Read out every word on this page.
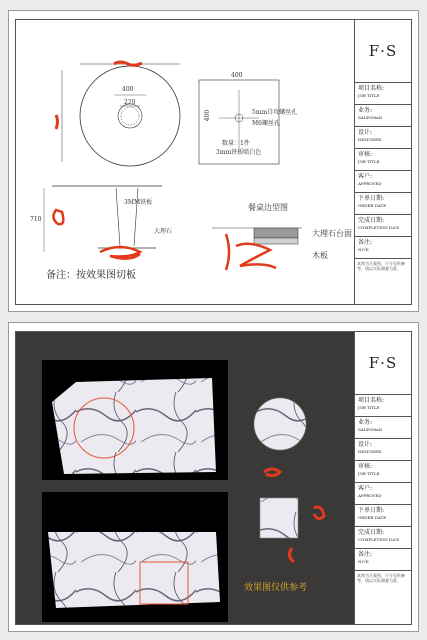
400
220
400
400	5mm自攻螺丝孔
M6螺丝孔
数量：1件
3mm铁板喷白色
3MM铁板
大理石
710
餐桌边型图
大理石台面
木板
备注：按效果图切板
F·S
项目名称:
JOB TITLE
业务:
SALESMAN
设计:
DESIGNER
审核:
JOB TITLE
客户:
APPROVED
下单日期:
ORDER DATE
完成日期:
COMPLETION DA'E
备注:
NO'E
本图为方案图，尺寸仅供参考，请以实际测量为准。
效果图仅供参考
F·S
项目名称:
JOB TITLE
业务:
SALESMAN
设计:
DESIGNER
审核:
JOB TITLE
客户:
APPROVED
下单日期:
ORDER DATE
完成日期:
COMPLETION DA'E
备注:
NO'E
本图为方案图，尺寸仅供参考，请以实际测量为准。
